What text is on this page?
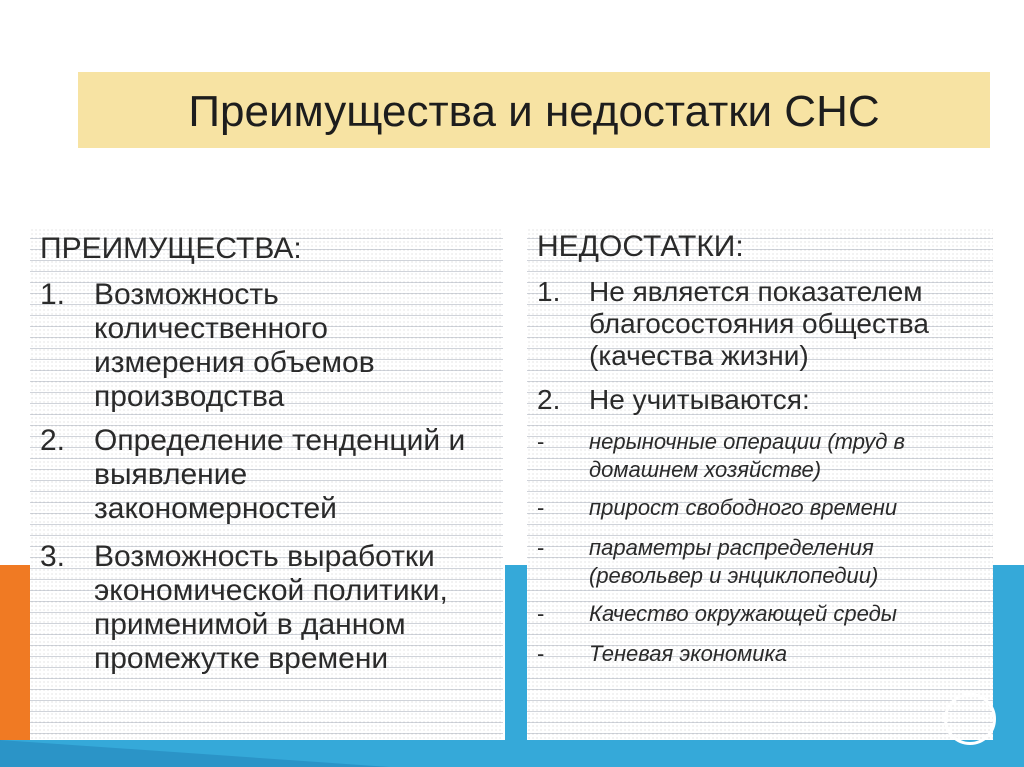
Преимущества и недостатки СНС
ПРЕИМУЩЕСТВА:
1. Возможность количественного измерения объемов производства
2. Определение тенденций и выявление закономерностей
3. Возможность выработки экономической политики, применимой в данном промежутке времени
НЕДОСТАТКИ:
1.	Не является показателем благосостояния общества (качества жизни)
2.	Не учитываются:
- нерыночные операции (труд в домашнем хозяйстве)
- прирост свободного времени
- параметры распределения (револьвер и энциклопедии)
- Качество окружающей среды
- Теневая экономика
